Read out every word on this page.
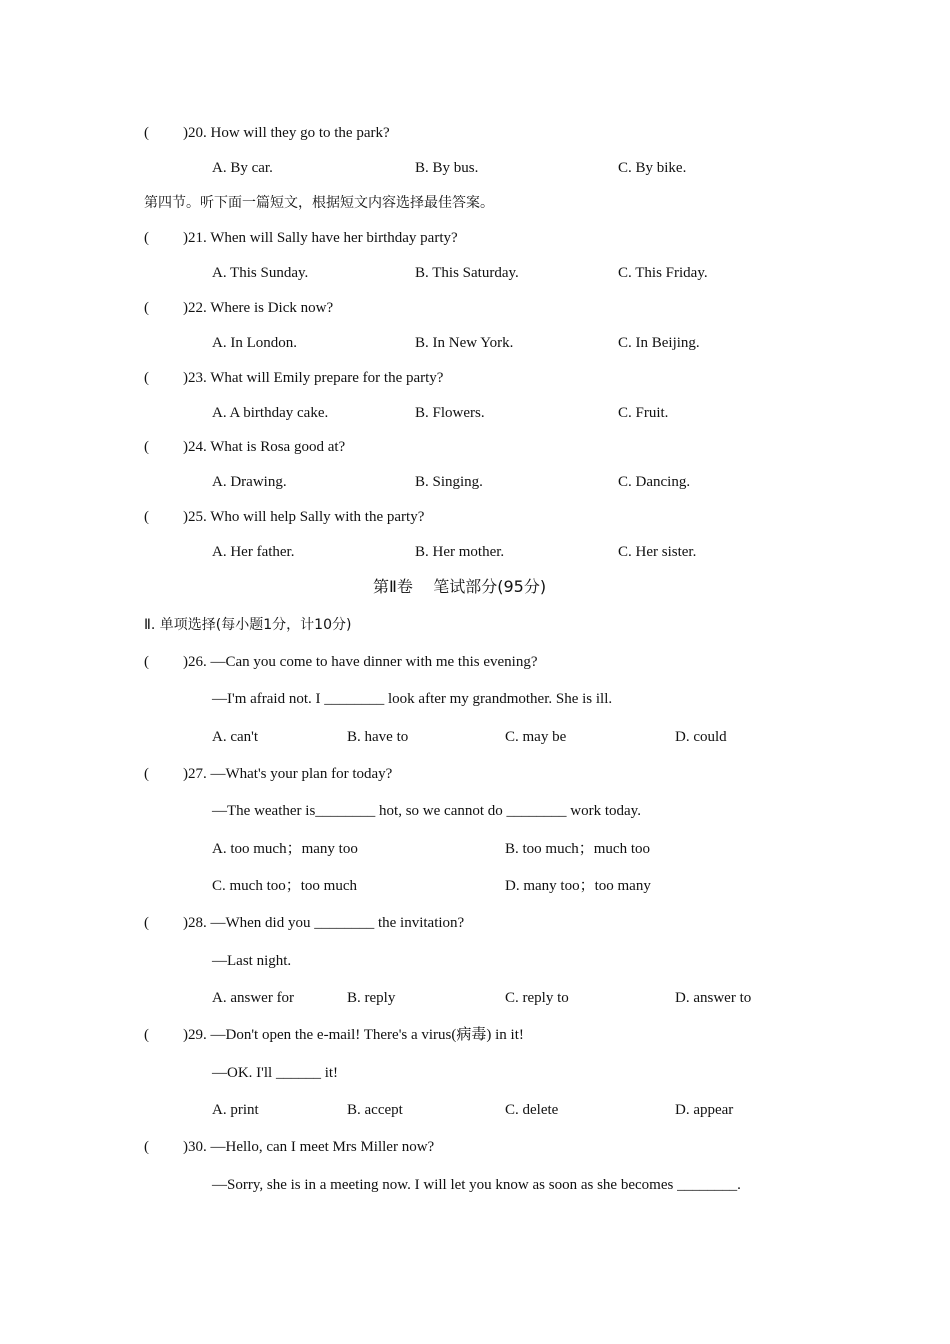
( )20. How will they go to the park?
A. By car.	B. By bus.	C. By bike.
第四节。听下面一篇短文，根据短文内容选择最佳答案。
( )21. When will Sally have her birthday party?
A. This Sunday.	B. This Saturday.	C. This Friday.
( )22. Where is Dick now?
A. In London.	B. In New York.	C. In Beijing.
( )23. What will Emily prepare for the party?
A. A birthday cake.	B. Flowers.	C. Fruit.
( )24. What is Rosa good at?
A. Drawing.	B. Singing.	C. Dancing.
( )25. Who will help Sally with the party?
A. Her father.	B. Her mother.	C. Her sister.
第Ⅱ卷    笔试部分(95分)
Ⅱ. 单项选择(每小题1分，计10分)
( )26. —Can you come to have dinner with me this evening?
—I'm afraid not. I ________ look after my grandmother. She is ill.
A. can't	B. have to	C. may be	D. could
( )27. —What's your plan for today?
—The weather is________ hot, so we cannot do ________ work today.
A. too much；many too	B. too much；much too
C. much too；too much	D. many too；too many
( )28. —When did you ________ the invitation?
—Last night.
A. answer for	B. reply	C. reply to	D. answer to
( )29. —Don't open the e-mail! There's a virus(病毒) in it!
—OK. I'll ______ it!
A. print	B. accept	C. delete	D. appear
( )30. —Hello, can I meet Mrs Miller now?
—Sorry, she is in a meeting now. I will let you know as soon as she becomes ________.
